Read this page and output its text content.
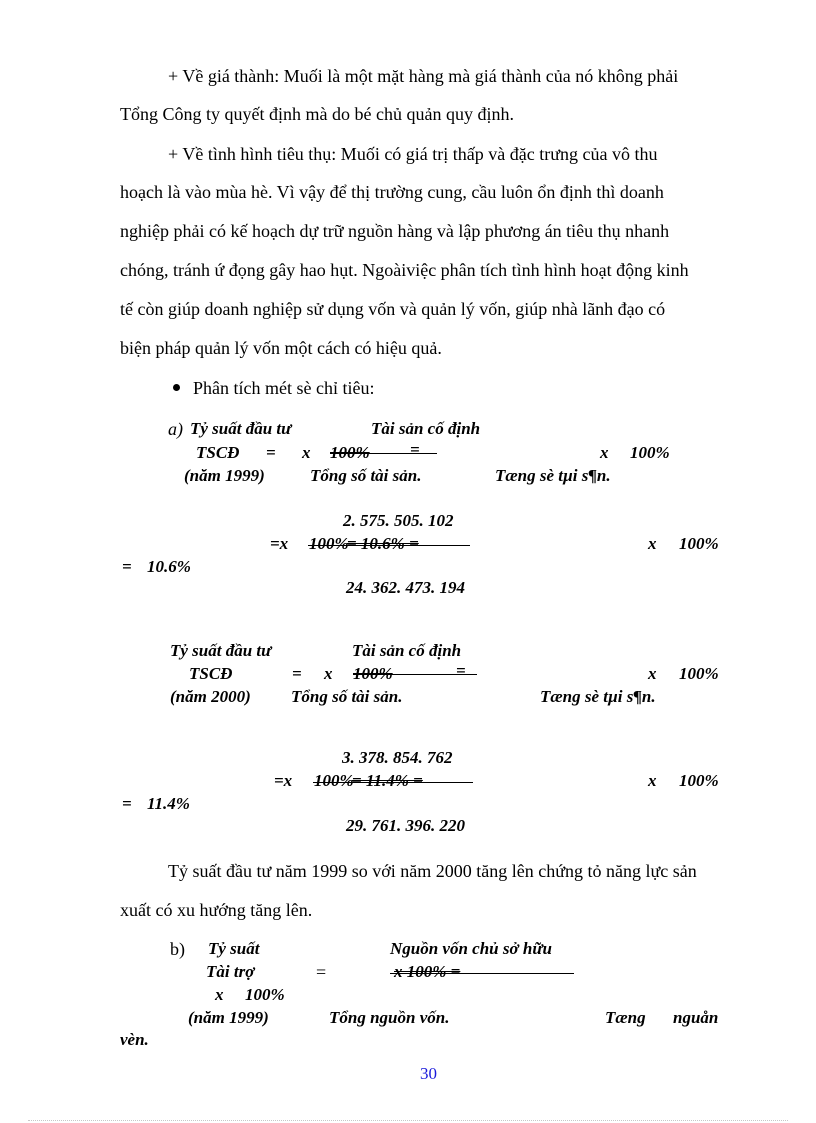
+ Về giá thành: Muối là một mặt hàng mà giá thành của nó không phải
Tổng Công ty quyết định mà do bé chủ quản quy định.
+ Về tình hình tiêu thụ: Muối có giá trị thấp và đặc trưng của vô thu
hoạch là vào mùa hè. Vì vậy để thị trường cung, cầu luôn ổn định thì doanh
nghiệp phải có kế hoạch dự trữ nguồn hàng và lập phương án tiêu thụ nhanh
chóng, tránh ứ đọng gây hao hụt. Ngoàiviệc phân tích tình hình hoạt động kinh
tế còn giúp doanh nghiệp sử dụng vốn và quản lý vốn, giúp nhà lãnh đạo có
biện pháp quản lý vốn một cách có hiệu quả.
Phân tích mét sè chỉ tiêu:
a) Tỷ suất đầu tư	Tài sản cố định
TSCĐ = x 100% =	x 100%
(năm 1999)	Tổng số tài sản.	Tæng sè tµi s¶n.
2. 575. 505. 102
=x 100%
= 10.6% =	x 100%
= 10.6%
24. 362. 473. 194
Tỷ suất đầu tư	Tài sản cố định
TSCĐ	= x 100%	=	x 100%
(năm 2000) Tổng số tài sản.	Tæng sè tµi s¶n.
3. 378. 854. 762
=x 100%
= 11.4% =	x 100%
= 11.4%
29. 761. 396. 220
Tỷ suất đầu tư năm 1999 so với năm 2000 tăng lên chứng tỏ năng lực sản
xuất có xu hướng tăng lên.
b) Tỷ suất	Nguồn vốn chủ sở hữu
Tài trợ	=	x 100% =
x 100%
(năm 1999)	Tổng nguồn vốn.	Tæng nguån
vèn.
30
